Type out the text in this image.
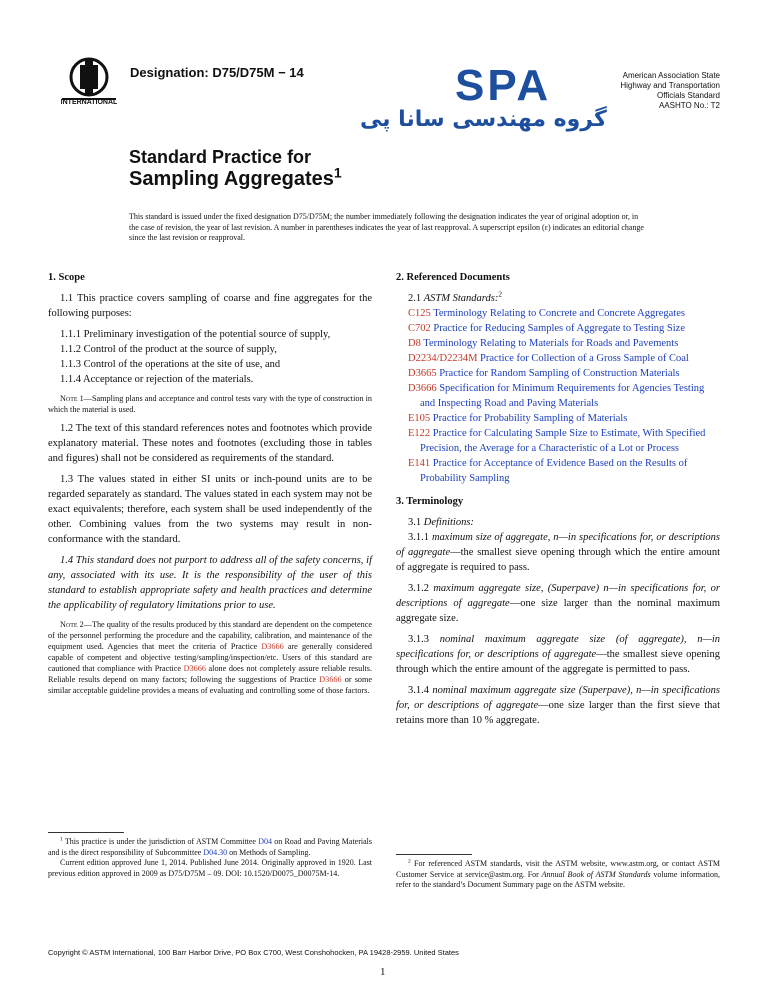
INTERNATIONAL
Designation: D75/D75M − 14	SPA
گروه مهندسی سانا پی
American Association State
Highway and Transportation
Officials Standard
AASHTO No.: T2
Standard Practice for
Sampling Aggregates$^1$
This standard is issued under the fixed designation D75/D75M; the number immediately following the designation indicates the year of original adoption or, in the case of revision, the year of last revision. A number in parentheses indicates the year of last reapproval. A superscript epsilon (ε) indicates an editorial change since the last revision or reapproval.
1. Scope

1.1 This practice covers sampling of coarse and fine aggregates for the following purposes:

1.1.1 Preliminary investigation of the potential source of supply,

1.1.2 Control of the product at the source of supply,

1.1.3 Control of the operations at the site of use, and

1.1.4 Acceptance or rejection of the materials.

Note 1—Sampling plans and acceptance and control tests vary with the type of construction in which the material is used.

1.2 The text of this standard references notes and footnotes which provide explanatory material. These notes and footnotes (excluding those in tables and figures) shall not be considered as requirements of the standard.

1.3 The values stated in either SI units or inch-pound units are to be regarded separately as standard. The values stated in each system may not be exact equivalents; therefore, each system shall be used independently of the other. Combining values from the two systems may result in non-conformance with the standard.

1.4 This standard does not purport to address all of the safety concerns, if any, associated with its use. It is the responsibility of the user of this standard to establish appropriate safety and health practices and determine the applicability of regulatory limitations prior to use.

Note 2—The quality of the results produced by this standard are dependent on the competence of the personnel performing the procedure and the capability, calibration, and maintenance of the equipment used. Agencies that meet the criteria of Practice D3666 are generally considered capable of competent and objective testing/sampling/inspection/etc. Users of this standard are cautioned that compliance with Practice D3666 alone does not completely assure reliable results. Reliable results depend on many factors; following the suggestions of Practice D3666 or some similar acceptable guideline provides a means of evaluating and controlling some of those factors.

$^1$ This practice is under the jurisdiction of ASTM Committee D04 on Road and Paving Materials and is the direct responsibility of Subcommittee D04.30 on Methods of Sampling.

Current edition approved June 1, 2014. Published June 2014. Originally approved in 1920. Last previous edition approved in 2009 as D75/D75M – 09. DOI: 10.1520/D0075_D0075M-14.

2. Referenced Documents

2.1 ASTM Standards:$^2$

C125 Terminology Relating to Concrete and Concrete Aggregates

C702 Practice for Reducing Samples of Aggregate to Testing Size

D8 Terminology Relating to Materials for Roads and Pavements

D2234/D2234M Practice for Collection of a Gross Sample of Coal

D3665 Practice for Random Sampling of Construction Materials

D3666 Specification for Minimum Requirements for Agencies Testing and Inspecting Road and Paving Materials

E105 Practice for Probability Sampling of Materials

E122 Practice for Calculating Sample Size to Estimate, With Specified Precision, the Average for a Characteristic of a Lot or Process

E141 Practice for Acceptance of Evidence Based on the Results of Probability Sampling

3. Terminology

3.1 Definitions:

3.1.1 maximum size of aggregate, n—in specifications for, or descriptions of aggregate—the smallest sieve opening through which the entire amount of aggregate is required to pass.

3.1.2 maximum aggregate size, (Superpave) n—in specifications for, or descriptions of aggregate—one size larger than the nominal maximum aggregate size.

3.1.3 nominal maximum aggregate size (of aggregate), n—in specifications for, or descriptions of aggregate—the smallest sieve opening through which the entire amount of the aggregate is permitted to pass.

3.1.4 nominal maximum aggregate size (Superpave), n—in specifications for, or descriptions of aggregate—one size larger than the first sieve that retains more than 10 % aggregate.

$^2$ For referenced ASTM standards, visit the ASTM website, www.astm.org, or contact ASTM Customer Service at service@astm.org. For Annual Book of ASTM Standards volume information, refer to the standard’s Document Summary page on the ASTM website.

Copyright © ASTM International, 100 Barr Harbor Drive, PO Box C700, West Conshohocken, PA 19428-2959. United States
1
